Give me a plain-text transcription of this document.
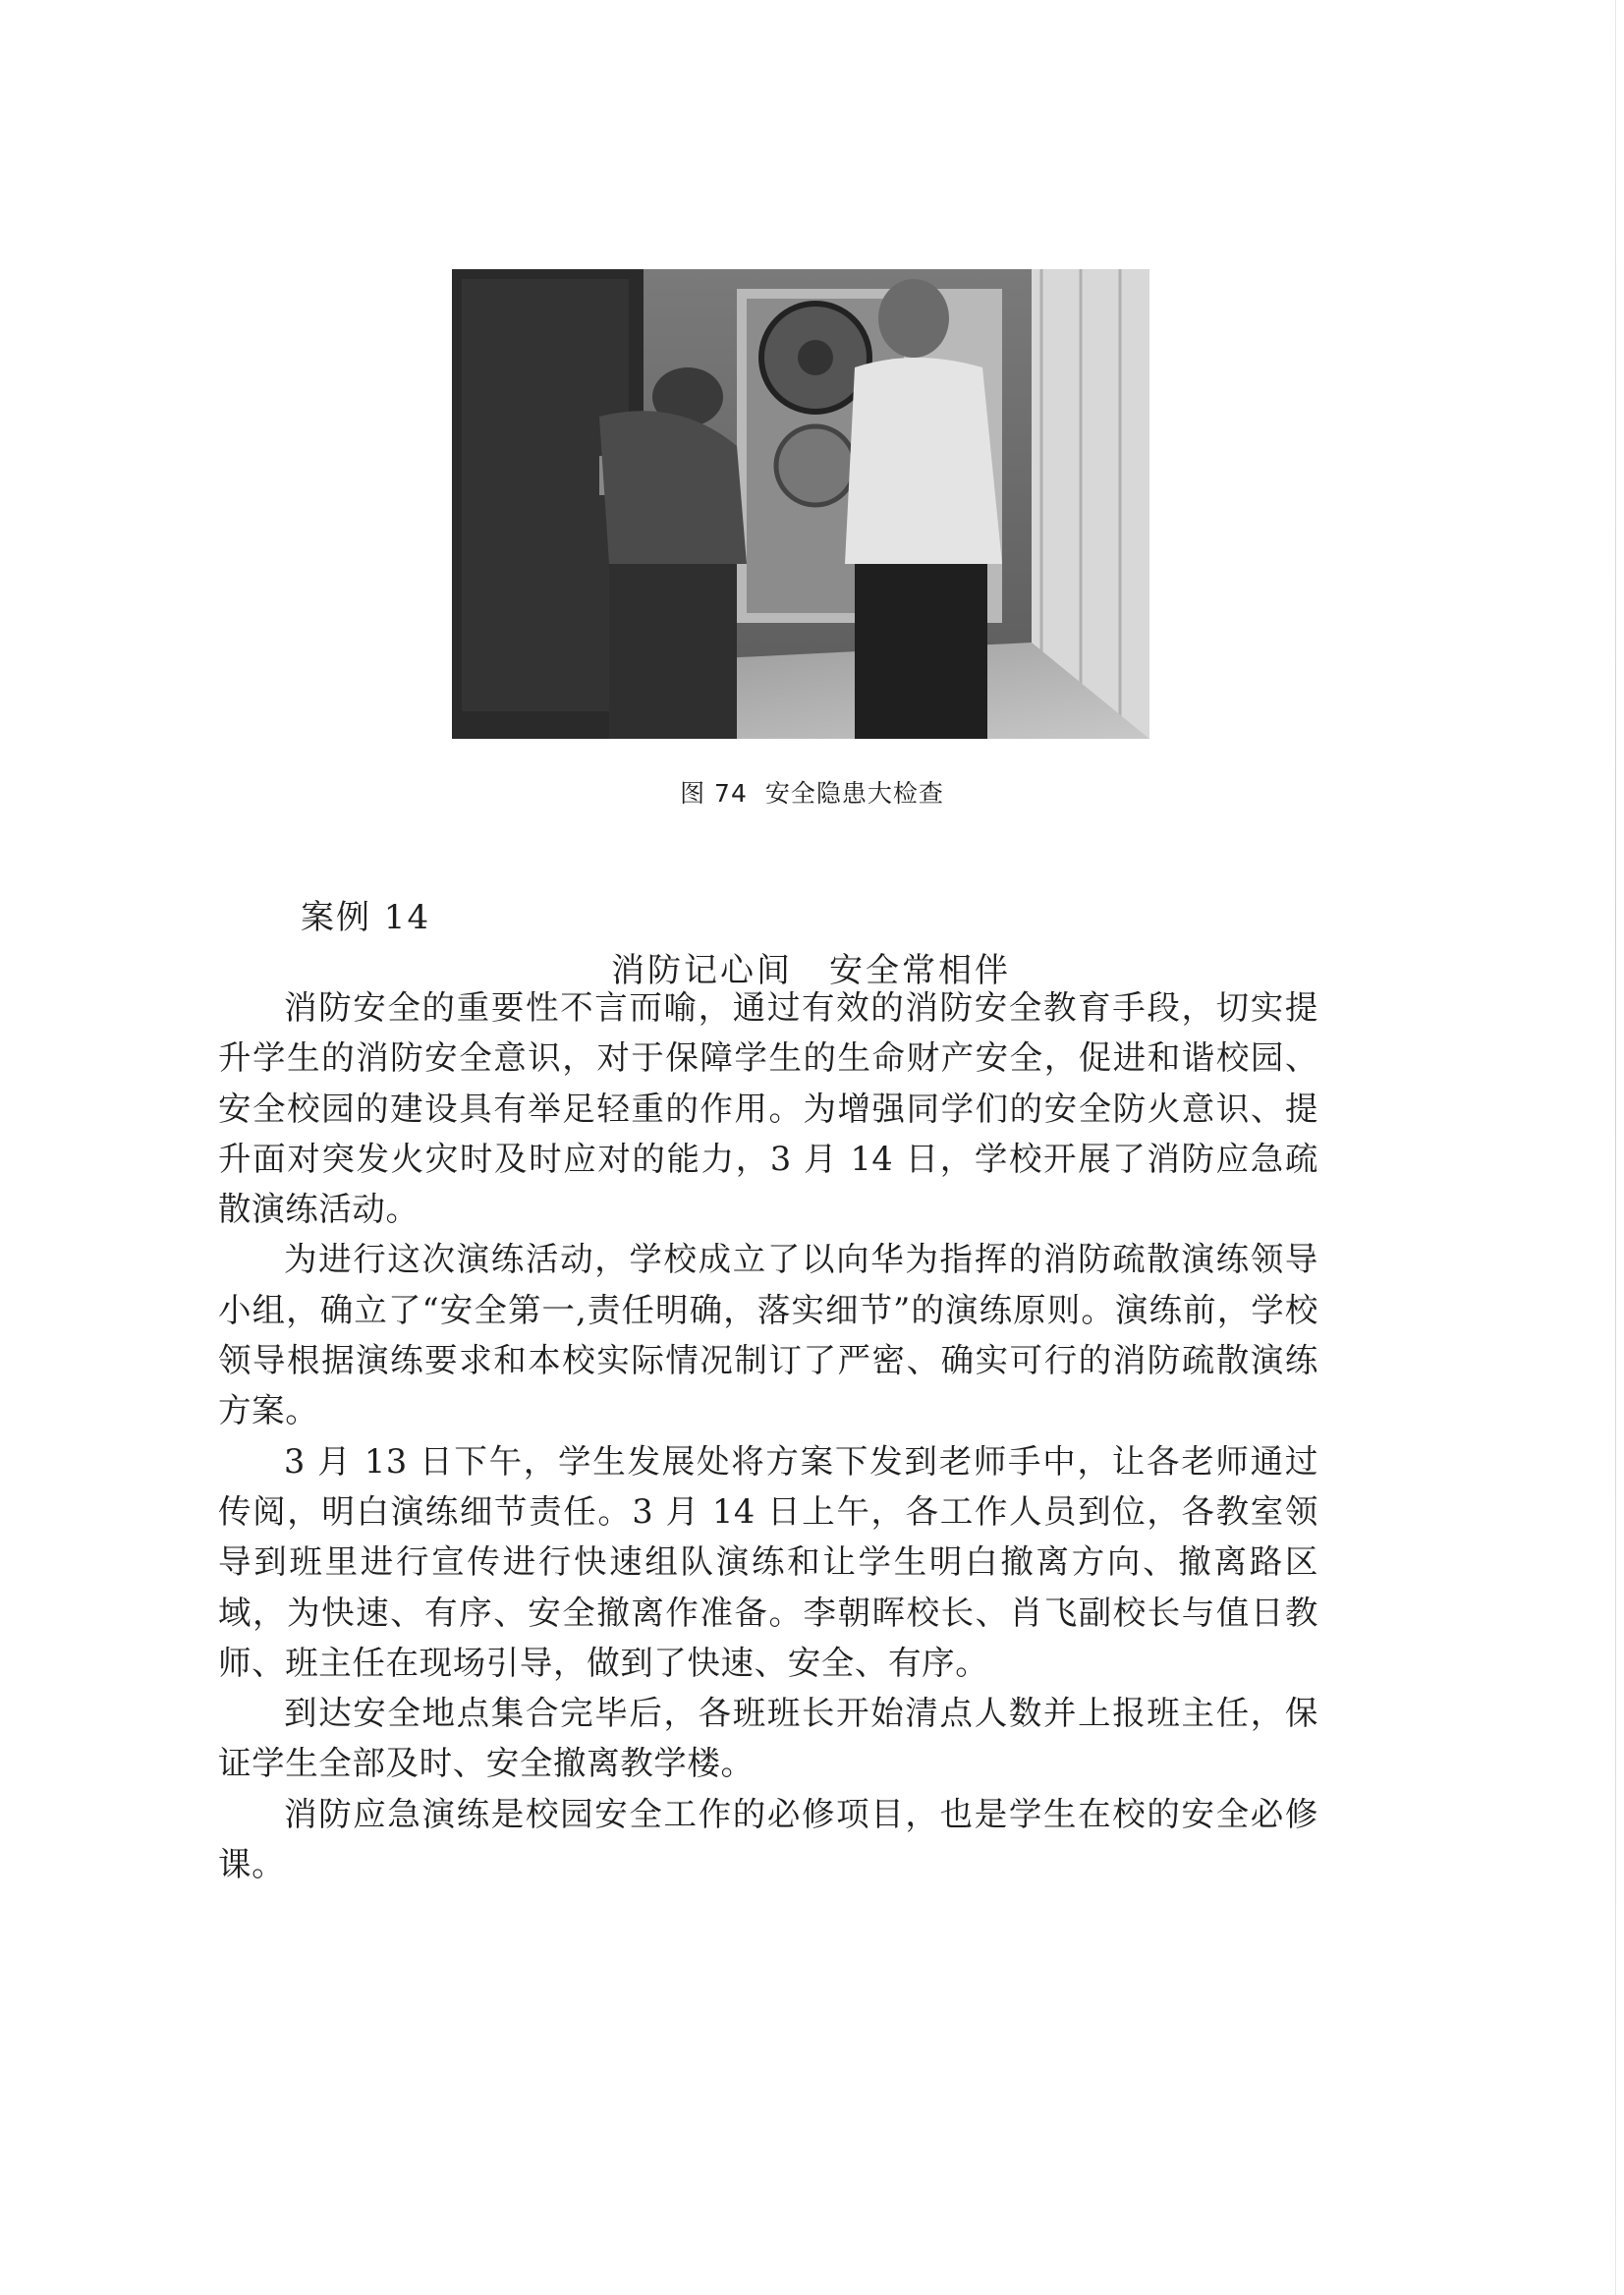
图 74 安全隐患大检查
案例 14
消防记心间　安全常相伴

消防安全的重要性不言而喻，通过有效的消防安全教育手段，切实提升学生的消防安全意识，对于保障学生的生命财产安全，促进和谐校园、安全校园的建设具有举足轻重的作用。为增强同学们的安全防火意识、提升面对突发火灾时及时应对的能力，3 月 14 日，学校开展了消防应急疏散演练活动。

为进行这次演练活动，学校成立了以向华为指挥的消防疏散演练领导小组，确立了“安全第一,责任明确，落实细节”的演练原则。演练前，学校领导根据演练要求和本校实际情况制订了严密、确实可行的消防疏散演练方案。

3 月 13 日下午，学生发展处将方案下发到老师手中，让各老师通过传阅，明白演练细节责任。3 月 14 日上午，各工作人员到位，各教室领导到班里进行宣传进行快速组队演练和让学生明白撤离方向、撤离路区域，为快速、有序、安全撤离作准备。李朝晖校长、肖飞副校长与值日教师、班主任在现场引导，做到了快速、安全、有序。

到达安全地点集合完毕后，各班班长开始清点人数并上报班主任，保证学生全部及时、安全撤离教学楼。

消防应急演练是校园安全工作的必修项目，也是学生在校的安全必修课。
